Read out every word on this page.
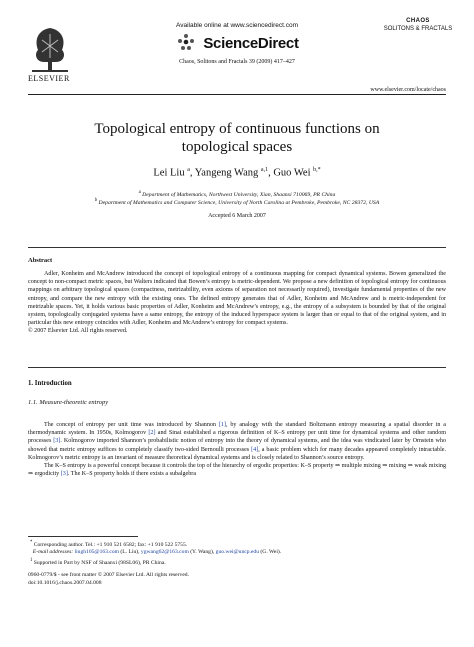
ELSEVIER
Available online at www.sciencedirect.com
ScienceDirect
Chaos, Solitons and Fractals 39 (2009) 417–427
CHAOS
SOLITONS & FRACTALS
www.elsevier.com/locate/chaos
Topological entropy of continuous functions on
topological spaces
Lei Liu $^a$, Yangeng Wang $^{a,1}$, Guo Wei $^{b,*}$
$^a$ Department of Mathematics, Northwest University, Xian, Shaanxi 710069, PR China
$^b$ Department of Mathematics and Computer Science, University of North Carolina at Pembroke, Pembroke, NC 28372, USA
Accepted 6 March 2007
Abstract

Adler, Konheim and McAndrew introduced the concept of topological entropy of a continuous mapping for compact dynamical systems. Bowen generalized the concept to non-compact metric spaces, but Walters indicated that Bowen’s entropy is metric-dependent. We propose a new definition of topological entropy for continuous mappings on arbitrary topological spaces (compactness, metrizability, even axioms of separation not necessarily required), investigate fundamental properties of the new entropy, and compare the new entropy with the existing ones. The defined entropy generates that of Adler, Konheim and McAndrew and is metric-independent for metrizable spaces. Yet, it holds various basic properties of Adler, Konheim and McAndrew’s entropy, e.g., the entropy of a subsystem is bounded by that of the original system, topologically conjugated systems have a same entropy, the entropy of the induced hyperspace system is larger than or equal to that of the original system, and in particular this new entropy coincides with Adler, Konheim and McAndrew’s entropy for compact systems.

© 2007 Elsevier Ltd. All rights reserved.

1. Introduction
1.1. Measure-theoretic entropy

The concept of entropy per unit time was introduced by Shannon [1], by analogy with the standard Boltzmann entropy measuring a spatial disorder in a thermodynamic system. In 1950s, Kolmogorov [2] and Sinai established a rigorous definition of K–S entropy per unit time for dynamical systems and other random processes [3]. Kolmogorov imported Shannon’s probabilistic notion of entropy into the theory of dynamical systems, and the idea was vindicated later by Ornstein who showed that metric entropy suffices to completely classify two-sided Bernoulli processes [4], a basic problem which for many decades appeared completely intractable. Kolmogorov’s metric entropy is an invariant of measure theoretical dynamical systems and is closely related to Shannon’s source entropy.

The K–S entropy is a powerful concept because it controls the top of the hierarchy of ergodic properties: K–S property ⇒ multiple mixing ⇒ mixing ⇒ weak mixing ⇒ ergodicity [3]. The K–S property holds if there exists a subalgebra

* Corresponding author. Tel.: +1 910 521 6582; fax: +1 910 522 5755.
E-mail addresses: liugh105@163.com (L. Liu), ygwang62@163.com (Y. Wang), guo.wei@uncp.edu (G. Wei).
$^1$ Supported in Part by NSF of Shaanxi (98SL06), PR China.
0960-0779/$ - see front matter © 2007 Elsevier Ltd. All rights reserved.
doi:10.1016/j.chaos.2007.04.008
